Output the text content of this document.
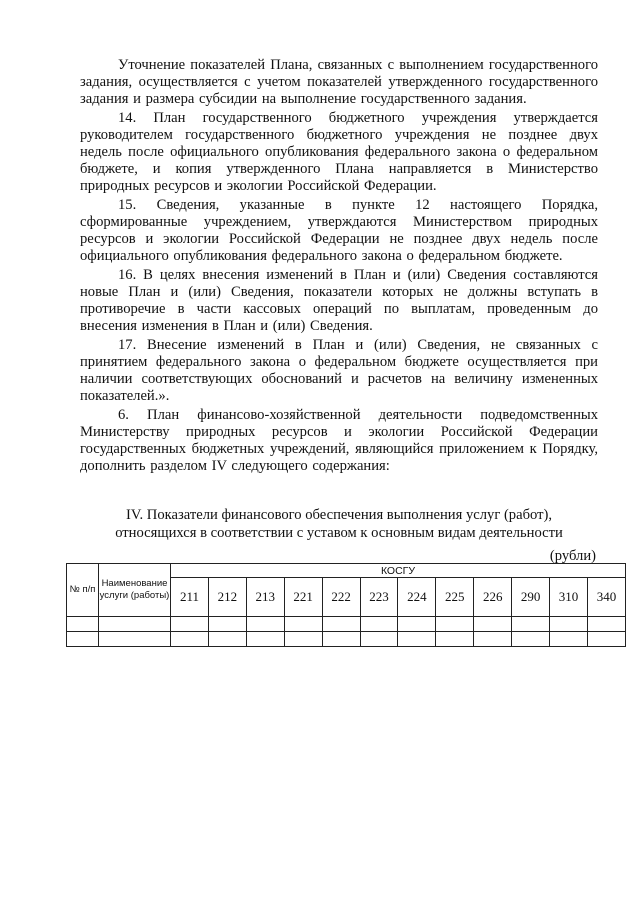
Уточнение показателей Плана, связанных с выполнением государственного задания, осуществляется с учетом показателей утвержденного государственного задания и размера субсидии на выполнение государственного задания.

14. План государственного бюджетного учреждения утверждается руководителем государственного бюджетного учреждения не позднее двух недель после официального опубликования федерального закона о федеральном бюджете, и копия утвержденного Плана направляется в Министерство природных ресурсов и экологии Российской Федерации.

15. Сведения, указанные в пункте 12 настоящего Порядка, сформированные учреждением, утверждаются Министерством природных ресурсов и экологии Российской Федерации не позднее двух недель после официального опубликования федерального закона о федеральном бюджете.

16. В целях внесения изменений в План и (или) Сведения составляются новые План и (или) Сведения, показатели которых не должны вступать в противоречие в части кассовых операций по выплатам, проведенным до внесения изменения в План и (или) Сведения.

17. Внесение изменений в План и (или) Сведения, не связанных с принятием федерального закона о федеральном бюджете осуществляется при наличии соответствующих обоснований и расчетов на величину измененных показателей.».

6. План финансово-хозяйственной деятельности подведомственных Министерству природных ресурсов и экологии Российской Федерации государственных бюджетных учреждений, являющийся приложением к Порядку, дополнить разделом IV следующего содержания:

IV. Показатели финансового обеспечения выполнения услуг (работ),
относящихся в соответствии с уставом к основным видам деятельности
(рубли)
№ п/п	Наименование услуги (работы)	КОСГУ											
		211	212	213	221	222	223	224	225	226	290	310	340
